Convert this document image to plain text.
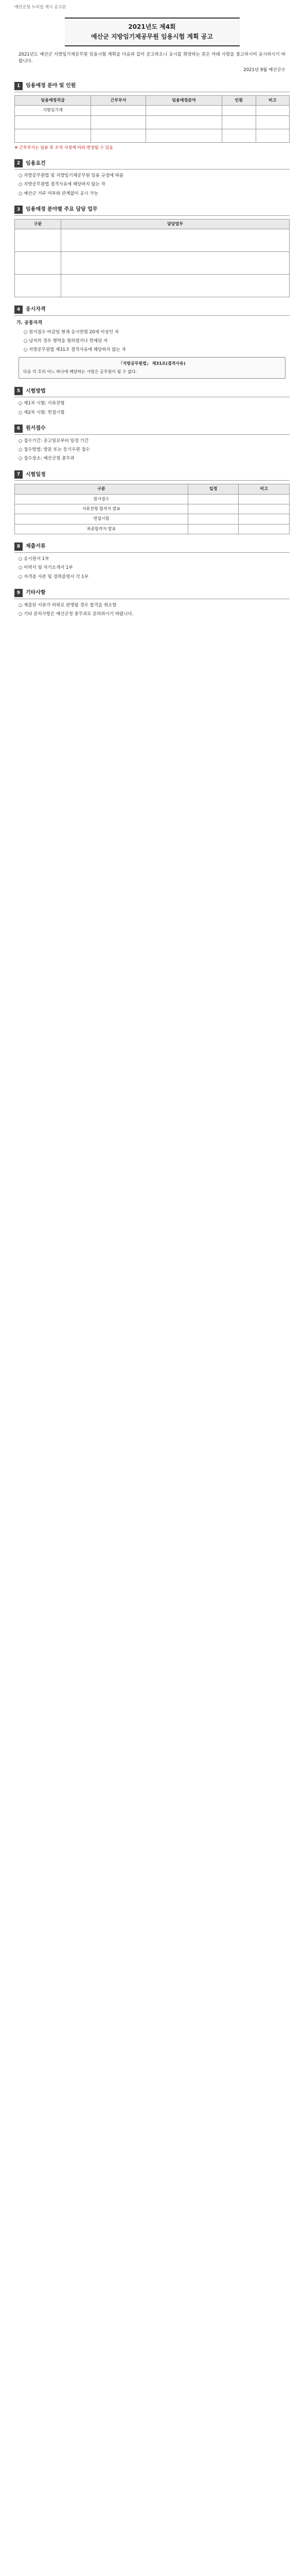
예산군청 누리집 게시 공고문
2021년도 제4회
예산군 지방임기제공무원 임용시험 계획 공고

2021년도 예산군 지방임기제공무원 임용시험 계획을 다음과 같이 공고하오니 응시를 희망하는 분은 아래 사항을 참고하시어 응시하시기 바랍니다.

2021년 9월 예산군수
1	임용예정 분야 및 인원
임용예정직급	근무부서	임용예정분야	인원	비고
지방임기제				

※ 근무부서는 임용 후 조직 사정에 따라 변경될 수 있음
2	임용요건

○ 지방공무원법 및 지방임기제공무원 임용 규정에 따름

○ 지방공무원법 결격사유에 해당하지 않는 자

○ 예산군 거주 여부와 관계없이 응시 가능

3	임용예정 분야별 주요 담당 업무
구분	담당업무

4	응시자격
가. 공통자격

○ 원서접수 마감일 현재 응시연령 20세 이상인 자

○ 남자의 경우 병역을 필하였거나 면제된 자

○ 지방공무원법 제31조 결격사유에 해당하지 않는 자

「지방공무원법」 제31조(결격사유)
다음 각 호의 어느 하나에 해당하는 사람은 공무원이 될 수 없다.
5	시험방법

○ 제1차 시험: 서류전형

○ 제2차 시험: 면접시험

6	원서접수

○ 접수기간: 공고일로부터 일정 기간

○ 접수방법: 방문 또는 등기우편 접수

○ 접수장소: 예산군청 총무과

7	시험일정
구분	일정	비고
원서접수		
서류전형 합격자 발표		
면접시험		
최종합격자 발표		
8	제출서류

○ 응시원서 1부

○ 이력서 및 자기소개서 1부

○ 자격증 사본 및 경력증명서 각 1부

9	기타사항

○ 제출된 서류가 허위로 판명될 경우 합격을 취소함

○ 기타 문의사항은 예산군청 총무과로 문의하시기 바랍니다.
